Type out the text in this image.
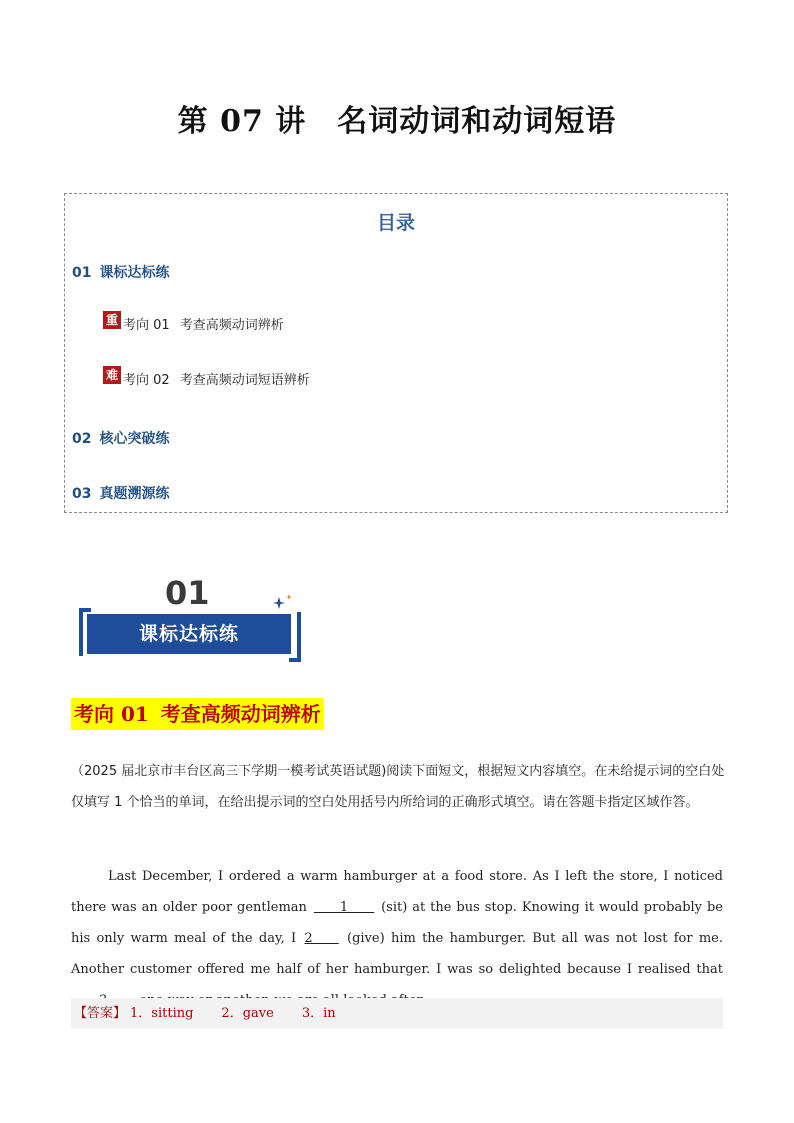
第 07 讲　名词动词和动词短语
目录
01 课标达标练
重 考向 01 考查高频动词辨析
难 考向 02 考查高频动词短语辨析
02 核心突破练
03 真题溯源练
01
课标达标练
考向 01 考查高频动词辨析
（2025 届北京市丰台区高三下学期一模考试英语试题)阅读下面短文，根据短文内容填空。在未给提示词的空白处仅填写 1 个恰当的单词，在给出提示词的空白处用括号内所给词的正确形式填空。请在答题卡指定区域作答。
Last December, I ordered a warm hamburger at a food store. As I left the store, I noticed there was an older poor gentleman 　　1　　 (sit) at the bus stop. Knowing it would probably be his only warm meal of the day, I 2　　 (give) him the hamburger. But all was not lost for me. Another customer offered me half of her hamburger. I was so delighted because I realised that
【答案】 1．sitting 2．gave 3．in
